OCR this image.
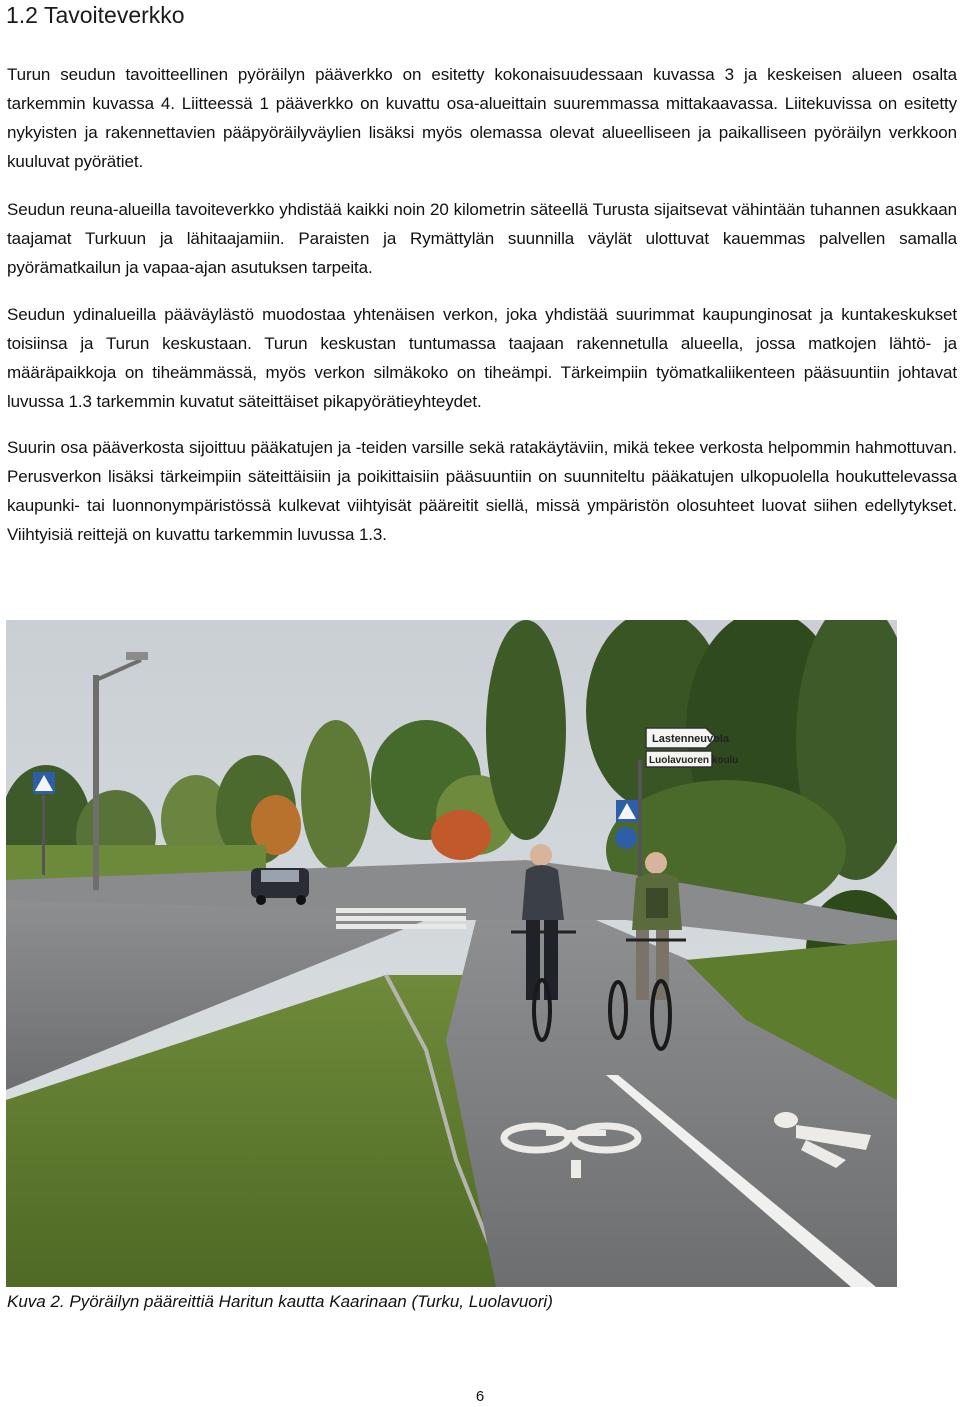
1.2 Tavoiteverkko

Turun seudun tavoitteellinen pyöräilyn pääverkko on esitetty kokonaisuudessaan kuvassa 3 ja keskeisen alueen osalta tarkemmin kuvassa 4. Liitteessä 1 pääverkko on kuvattu osa-alueittain suuremmassa mittakaavassa. Liitekuvissa on esitetty nykyisten ja rakennettavien pääpyöräilyväylien lisäksi myös olemassa olevat alueelliseen ja paikalliseen pyöräilyn verkkoon kuuluvat pyörätiet.

Seudun reuna-alueilla tavoiteverkko yhdistää kaikki noin 20 kilometrin säteellä Turusta sijaitsevat vähintään tuhannen asukkaan taajamat Turkuun ja lähitaajamiin. Paraisten ja Rymättylän suunnilla väylät ulottuvat kauemmas palvellen samalla pyörämatkailun ja vapaa-ajan asutuksen tarpeita.

Seudun ydinalueilla pääväylästö muodostaa yhtenäisen verkon, joka yhdistää suurimmat kaupunginosat ja kuntakeskukset toisiinsa ja Turun keskustaan. Turun keskustan tuntumassa taajaan rakennetulla alueella, jossa matkojen lähtö- ja määräpaikkoja on tiheämmässä, myös verkon silmäkoko on tiheämpi. Tärkeimpiin työmatkaliikenteen pääsuuntiin johtavat luvussa 1.3 tarkemmin kuvatut säteittäiset pikapyörätieyhteydet.

Suurin osa pääverkosta sijoittuu pääkatujen ja -teiden varsille sekä ratakäytäviin, mikä tekee verkosta helpommin hahmottuvan. Perusverkon lisäksi tärkeimpiin säteittäisiin ja poikittaisiin pääsuuntiin on suunniteltu pääkatujen ulkopuolella houkuttelevassa kaupunki- tai luonnonympäristössä kulkevat viihtyisät pääreitit siellä, missä ympäristön olosuhteet luovat siihen edellytykset. Viihtyisiä reittejä on kuvattu tarkemmin luvussa 1.3.

Lastenneuvola
Luolavuoren koulu

Kuva 2. Pyöräilyn pääreittiä Haritun kautta Kaarinaan (Turku, Luolavuori)

6
